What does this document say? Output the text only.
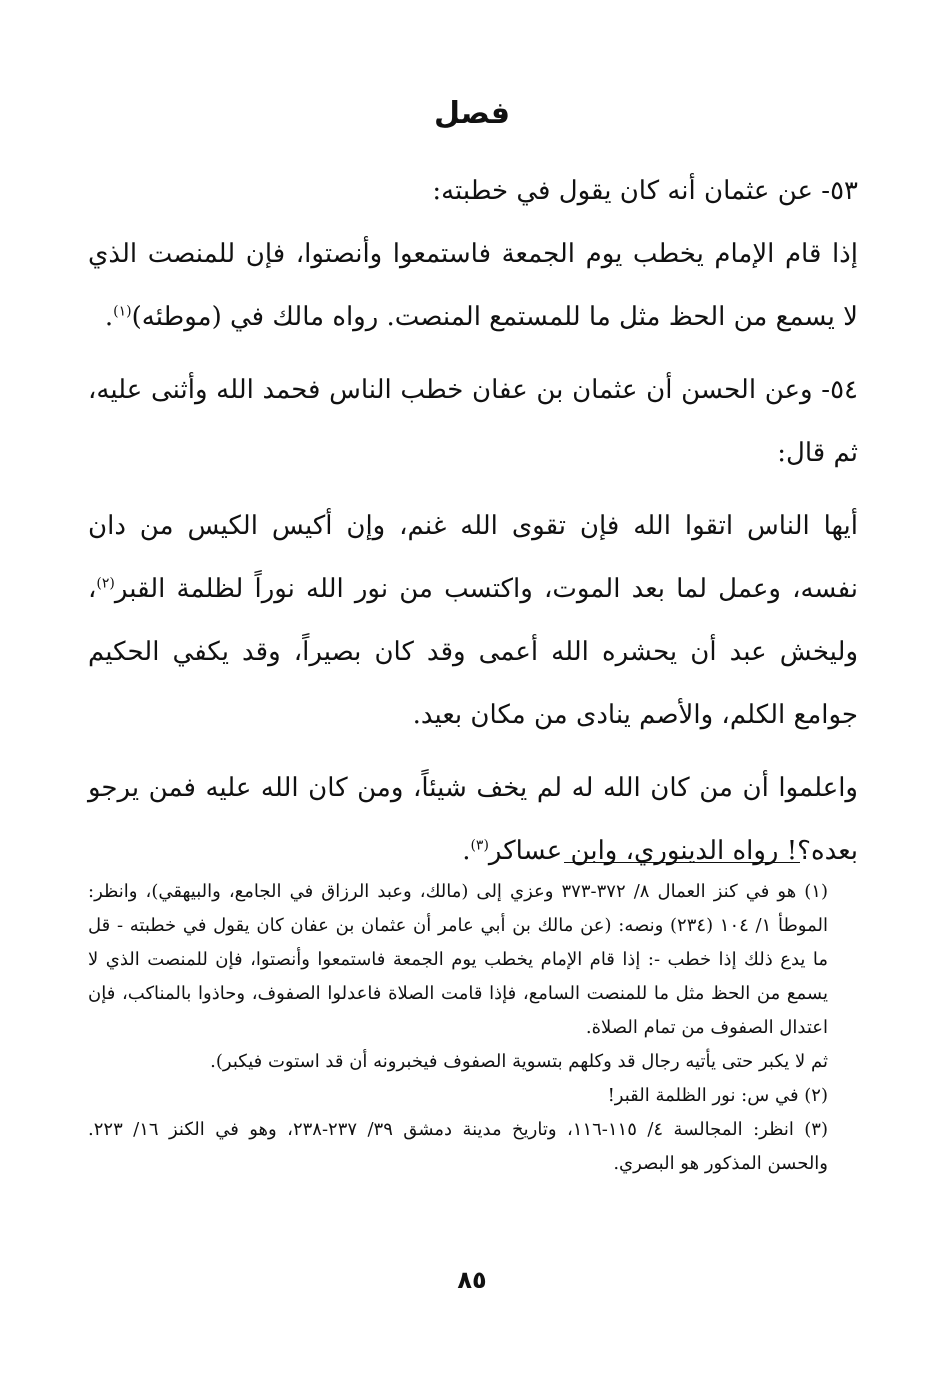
فصل

٥٣- عن عثمان أنه كان يقول في خطبته:

إذا قام الإمام يخطب يوم الجمعة فاستمعوا وأنصتوا، فإن للمنصت الذي لا يسمع من الحظ مثل ما للمستمع المنصت. رواه مالك في (موطئه)$^{(١)}$.

٥٤- وعن الحسن أن عثمان بن عفان خطب الناس فحمد الله وأثنى عليه، ثم قال:

أيها الناس اتقوا الله فإن تقوى الله غنم، وإن أكيس الكيس من دان نفسه، وعمل لما بعد الموت، واكتسب من نور الله نوراً لظلمة القبر$^{(٢)}$، وليخش عبد أن يحشره الله أعمى وقد كان بصيراً، وقد يكفي الحكيم جوامع الكلم، والأصم ينادى من مكان بعيد.

واعلموا أن من كان الله له لم يخف شيئاً، ومن كان الله عليه فمن يرجو بعده؟! رواه الدينوري، وابن عساكر$^{(٣)}$.

(١) هو في كنز العمال ٨/ ٣٧٢-٣٧٣ وعزي إلى (مالك، وعبد الرزاق في الجامع، والبيهقي)، وانظر: الموطأ ١/ ١٠٤ (٢٣٤) ونصه: (عن مالك بن أبي عامر أن عثمان بن عفان كان يقول في خطبته - قل ما يدع ذلك إذا خطب -: إذا قام الإمام يخطب يوم الجمعة فاستمعوا وأنصتوا، فإن للمنصت الذي لا يسمع من الحظ مثل ما للمنصت السامع، فإذا قامت الصلاة فاعدلوا الصفوف، وحاذوا بالمناكب، فإن اعتدال الصفوف من تمام الصلاة.

ثم لا يكبر حتى يأتيه رجال قد وكلهم بتسوية الصفوف فيخبرونه أن قد استوت فيكبر).

(٢) في س: نور الظلمة القبر!

(٣) انظر: المجالسة ٤/ ١١٥-١١٦، وتاريخ مدينة دمشق ٣٩/ ٢٣٧-٢٣٨، وهو في الكنز ١٦/ ٢٢٣. والحسن المذكور هو البصري.

٨٥
